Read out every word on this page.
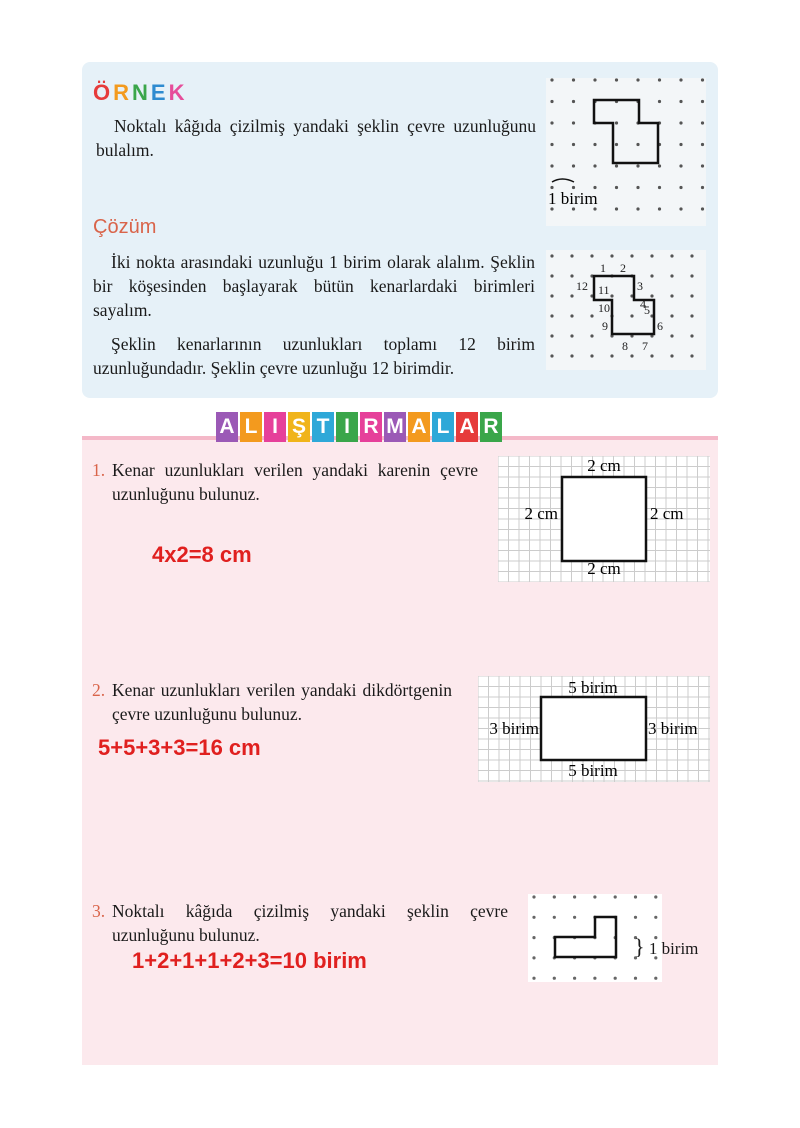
ÖRNEK
Noktalı kâğıda çizilmiş yandaki şeklin çevre uzunluğunu bulalım.
1 birim
Çözüm
İki nokta arasındaki uzunluğu 1 birim olarak alalım. Şeklin bir köşesinden başlayarak bütün kenarlardaki birimleri sayalım.
Şeklin kenarlarının uzunlukları toplamı 12 birim uzunluğundadır. Şeklin çevre uzunluğu 12 birimdir.
1 2
3
4
5
6
7
8
9
10
11
12
A L I Ş T I R M A L A R
1. Kenar uzunlukları verilen yandaki karenin çevre uzunluğunu bulunuz.
4x2=8 cm
2 cm
2 cm	2 cm
2 cm
2. Kenar uzunlukları verilen yandaki dikdörtgenin çevre uzunluğunu bulunuz.
5+5+3+3=16 cm
5 birim
3 birim	3 birim
5 birim
3. Noktalı kâğıda çizilmiş yandaki şeklin çevre uzunluğunu bulunuz.
1+2+1+1+2+3=10 birim
} 1 birim
